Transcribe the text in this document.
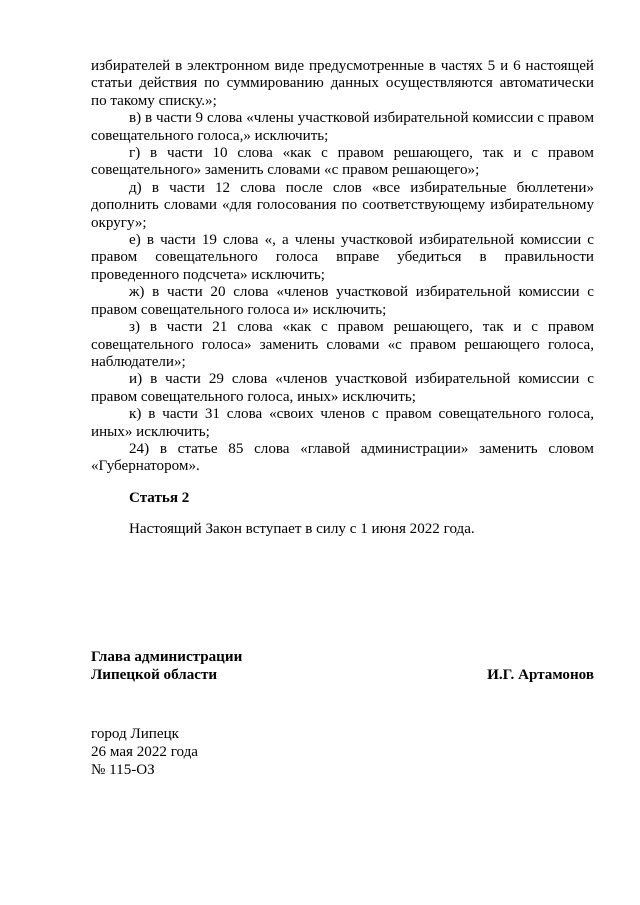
избирателей в электронном виде предусмотренные в частях 5 и 6 настоящей статьи действия по суммированию данных осуществляются автоматически по такому списку.»;

в) в части 9 слова «члены участковой избирательной комиссии с правом совещательного голоса,» исключить;

г) в части 10 слова «как с правом решающего, так и с правом совещательного» заменить словами «с правом решающего»;

д) в части 12 слова после слов «все избирательные бюллетени» дополнить словами «для голосования по соответствующему избирательному округу»;

е) в части 19 слова «, а члены участковой избирательной комиссии с правом совещательного голоса вправе убедиться в правильности проведенного подсчета» исключить;

ж) в части 20 слова «членов участковой избирательной комиссии с правом совещательного голоса и» исключить;

з) в части 21 слова «как с правом решающего, так и с правом совещательного голоса» заменить словами «с правом решающего голоса, наблюдатели»;

и) в части 29 слова «членов участковой избирательной комиссии с правом совещательного голоса, иных» исключить;

к) в части 31 слова «своих членов с правом совещательного голоса, иных» исключить;

24) в статье 85 слова «главой администрации» заменить словом «Губернатором».

Статья 2

Настоящий Закон вступает в силу с 1 июня 2022 года.

Глава администрации
Липецкой области	И.Г. Артамонов
город Липецк
26 мая 2022 года
№ 115-ОЗ
